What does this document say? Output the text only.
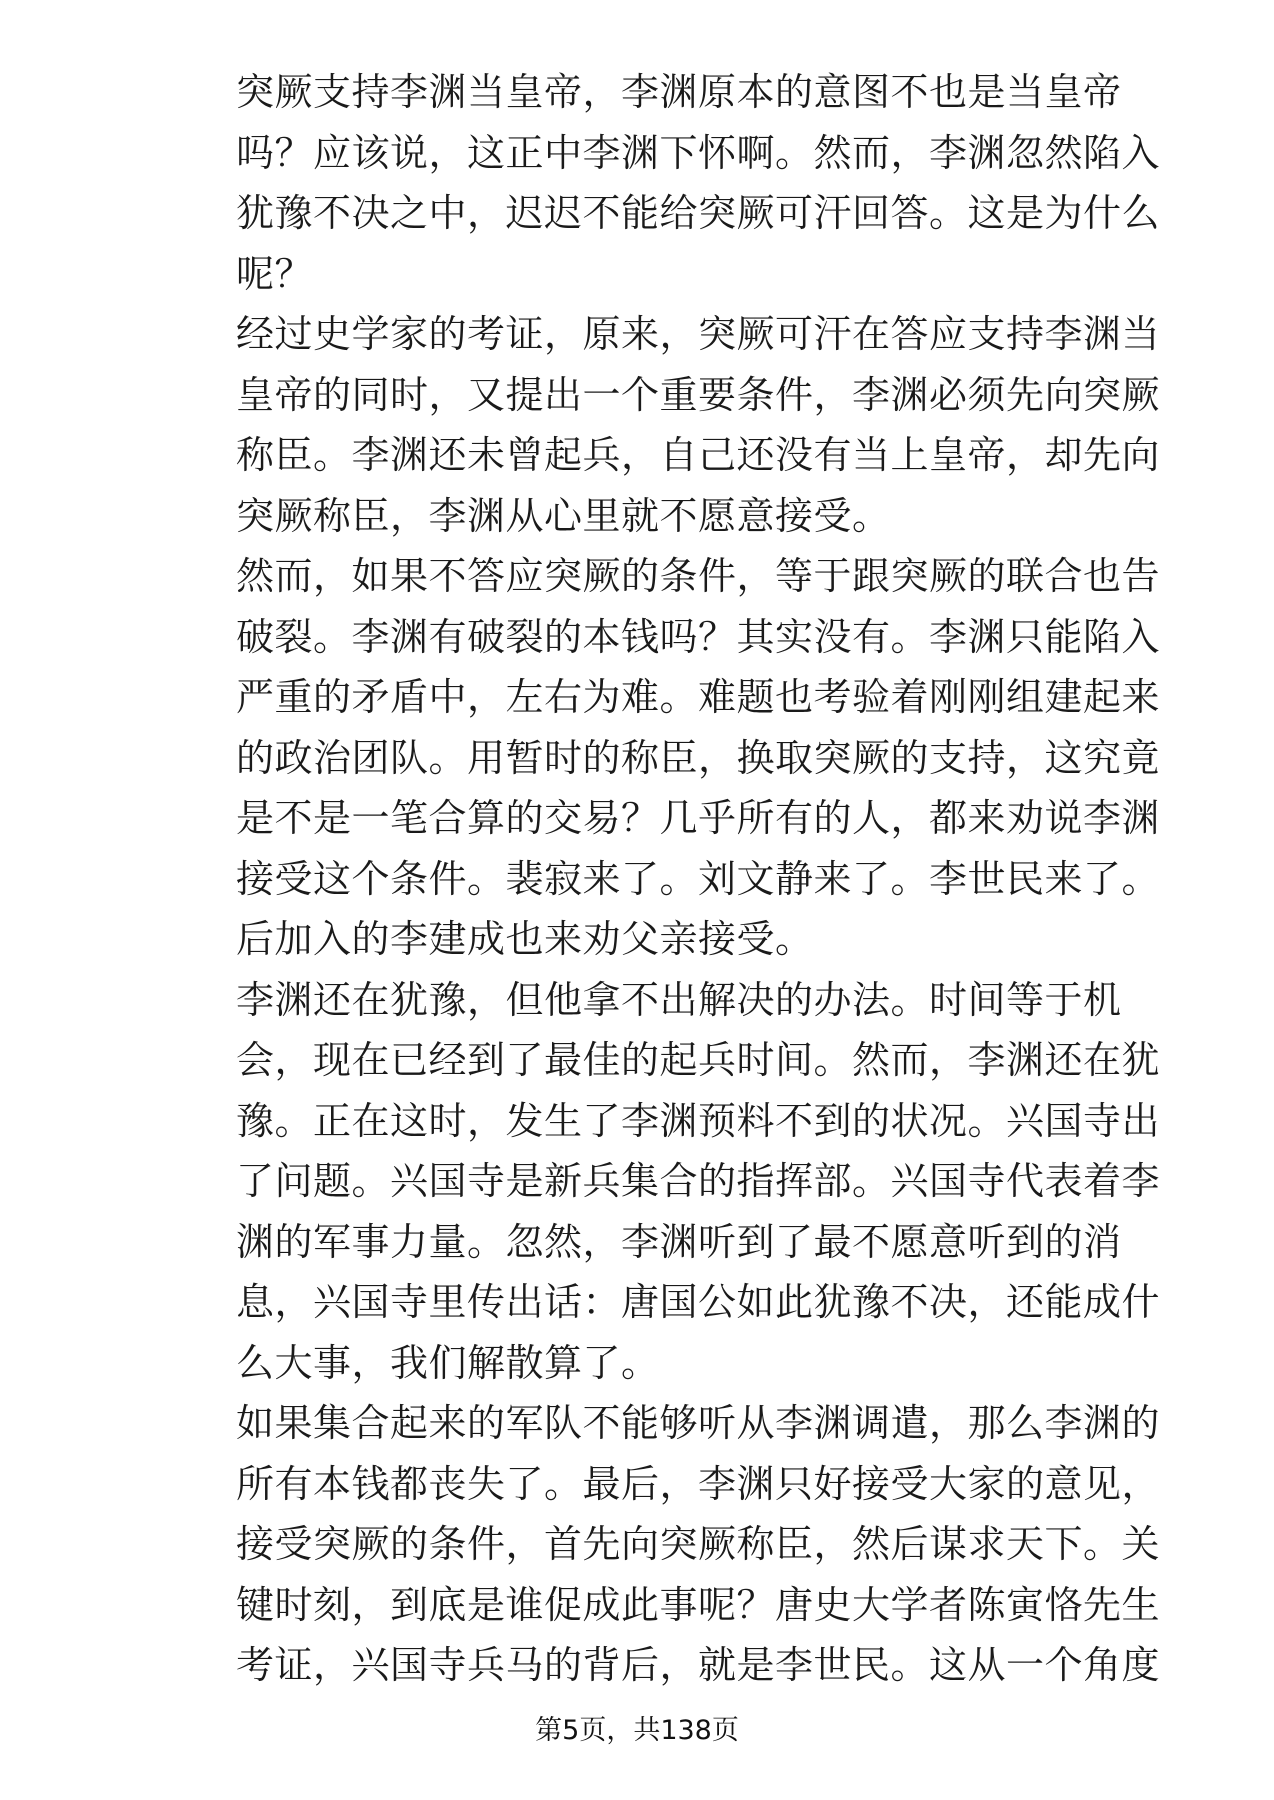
突厥支持李渊当皇帝，李渊原本的意图不也是当皇帝
吗？应该说，这正中李渊下怀啊。然而，李渊忽然陷入
犹豫不决之中，迟迟不能给突厥可汗回答。这是为什么
呢？
经过史学家的考证，原来，突厥可汗在答应支持李渊当
皇帝的同时，又提出一个重要条件，李渊必须先向突厥
称臣。李渊还未曾起兵，自己还没有当上皇帝，却先向
突厥称臣，李渊从心里就不愿意接受。
然而，如果不答应突厥的条件，等于跟突厥的联合也告
破裂。李渊有破裂的本钱吗？其实没有。李渊只能陷入
严重的矛盾中，左右为难。难题也考验着刚刚组建起来
的政治团队。用暂时的称臣，换取突厥的支持，这究竟
是不是一笔合算的交易？几乎所有的人，都来劝说李渊
接受这个条件。裴寂来了。刘文静来了。李世民来了。
后加入的李建成也来劝父亲接受。
李渊还在犹豫，但他拿不出解决的办法。时间等于机
会，现在已经到了最佳的起兵时间。然而，李渊还在犹
豫。正在这时，发生了李渊预料不到的状况。兴国寺出
了问题。兴国寺是新兵集合的指挥部。兴国寺代表着李
渊的军事力量。忽然，李渊听到了最不愿意听到的消
息，兴国寺里传出话：唐国公如此犹豫不决，还能成什
么大事，我们解散算了。
如果集合起来的军队不能够听从李渊调遣，那么李渊的
所有本钱都丧失了。最后，李渊只好接受大家的意见，
接受突厥的条件，首先向突厥称臣，然后谋求天下。关
键时刻，到底是谁促成此事呢？唐史大学者陈寅恪先生
考证，兴国寺兵马的背后，就是李世民。这从一个角度
第5页，共138页
